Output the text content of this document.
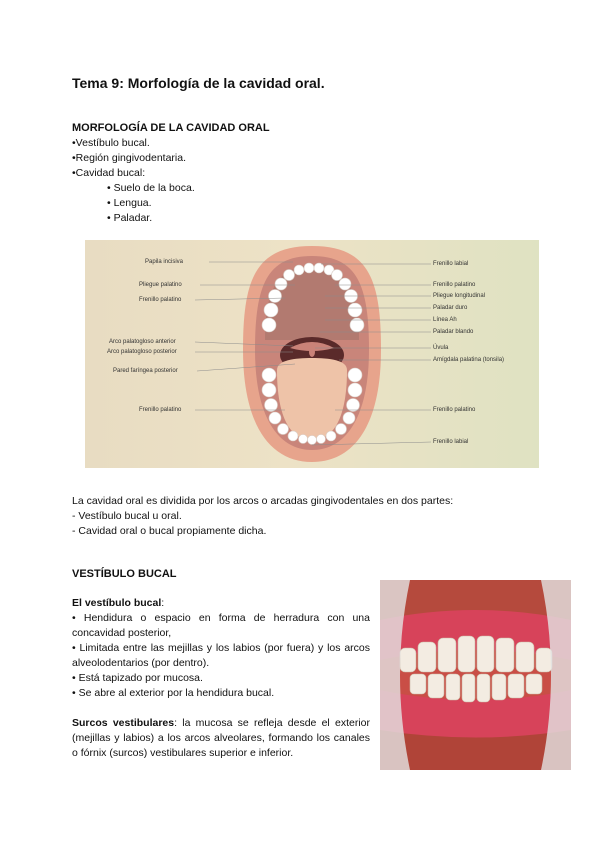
Tema 9: Morfología de la cavidad oral.

MORFOLOGÍA DE LA CAVIDAD ORAL

•Vestíbulo bucal.

•Región gingivodentaria.

•Cavidad bucal:

• Suelo de la boca.

• Lengua.

• Paladar.

Papila incisiva
Pliegue palatino
Frenillo palatino
Arco palatogloso anterior
Arco palatogloso posterior
Pared faríngea posterior
Frenillo palatino
Frenillo labial
Frenillo palatino
Pliegue longitudinal
Paladar duro
Línea Ah
Paladar blando
Úvula
Amígdala palatina (tonsila)
Frenillo palatino
Frenillo labial

La cavidad oral es dividida por los arcos o arcadas gingivodentales en dos partes:

- Vestíbulo bucal u oral.

- Cavidad oral o bucal propiamente dicha.

VESTÍBULO BUCAL

El vestíbulo bucal:

• Hendidura o espacio en forma de herradura con una concavidad posterior,

• Limitada entre las mejillas y los labios (por fuera) y los arcos alveolodentarios (por dentro).

• Está tapizado por mucosa.

• Se abre al exterior por la hendidura bucal.

Surcos vestibulares: la mucosa se refleja desde el exterior (mejillas y labios) a los arcos alveolares, formando los canales o fórnix (surcos) vestibulares superior e inferior.
